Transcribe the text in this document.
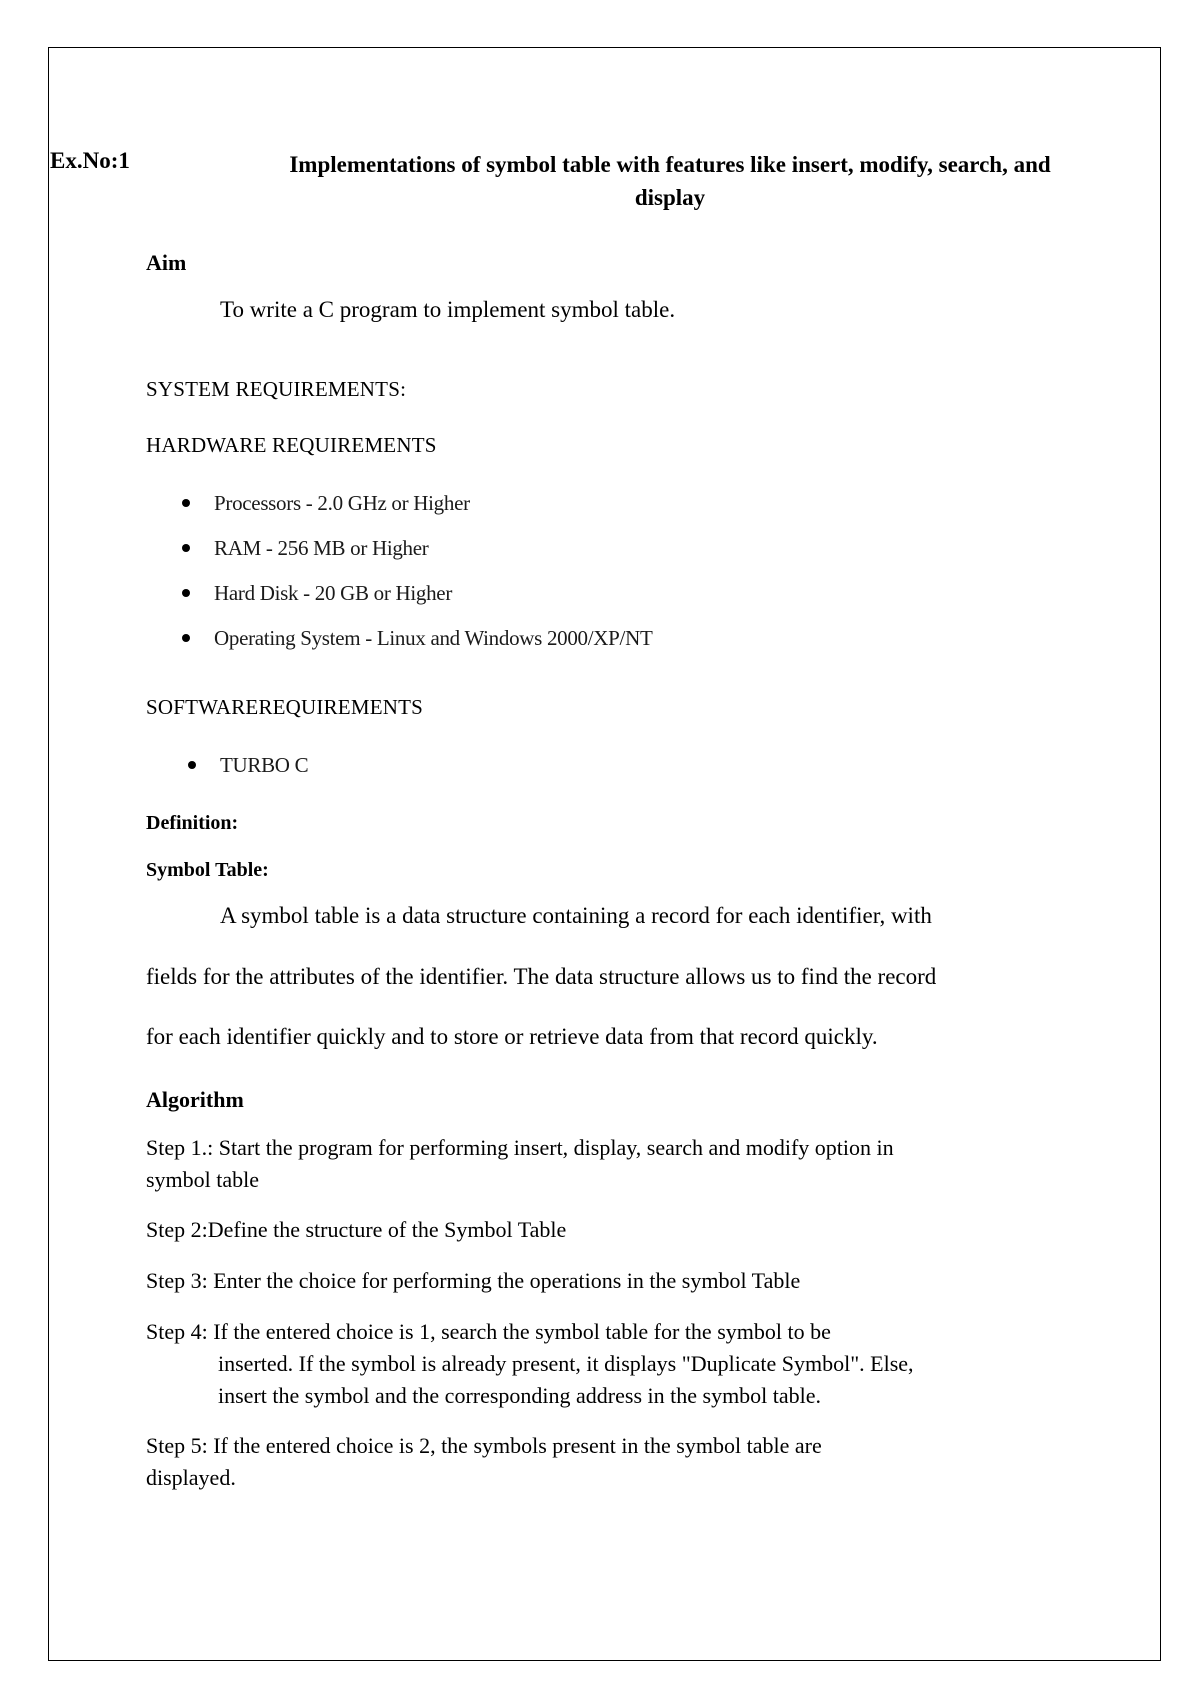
Ex.No:1	Implementations of symbol table with features like insert, modify, search, and
display
Aim
To write a C program to implement symbol table.
SYSTEM REQUIREMENTS:
HARDWARE REQUIREMENTS
Processors - 2.0 GHz or Higher
RAM - 256 MB or Higher
Hard Disk - 20 GB or Higher
Operating System - Linux and Windows 2000/XP/NT
SOFTWAREREQUIREMENTS
TURBO C
Definition:
Symbol Table:
A symbol table is a data structure containing a record for each identifier, with
fields for the attributes of the identifier. The data structure allows us to find the record
for each identifier quickly and to store or retrieve data from that record quickly.
Algorithm
Step 1.: Start the program for performing insert, display, search and modify option in
symbol table
Step 2:Define the structure of the Symbol Table
Step 3: Enter the choice for performing the operations in the symbol Table
Step 4: If the entered choice is 1, search the symbol table for the symbol to be
inserted. If the symbol is already present, it displays "Duplicate Symbol". Else,
insert the symbol and the corresponding address in the symbol table.
Step 5: If the entered choice is 2, the symbols present in the symbol table are
displayed.
